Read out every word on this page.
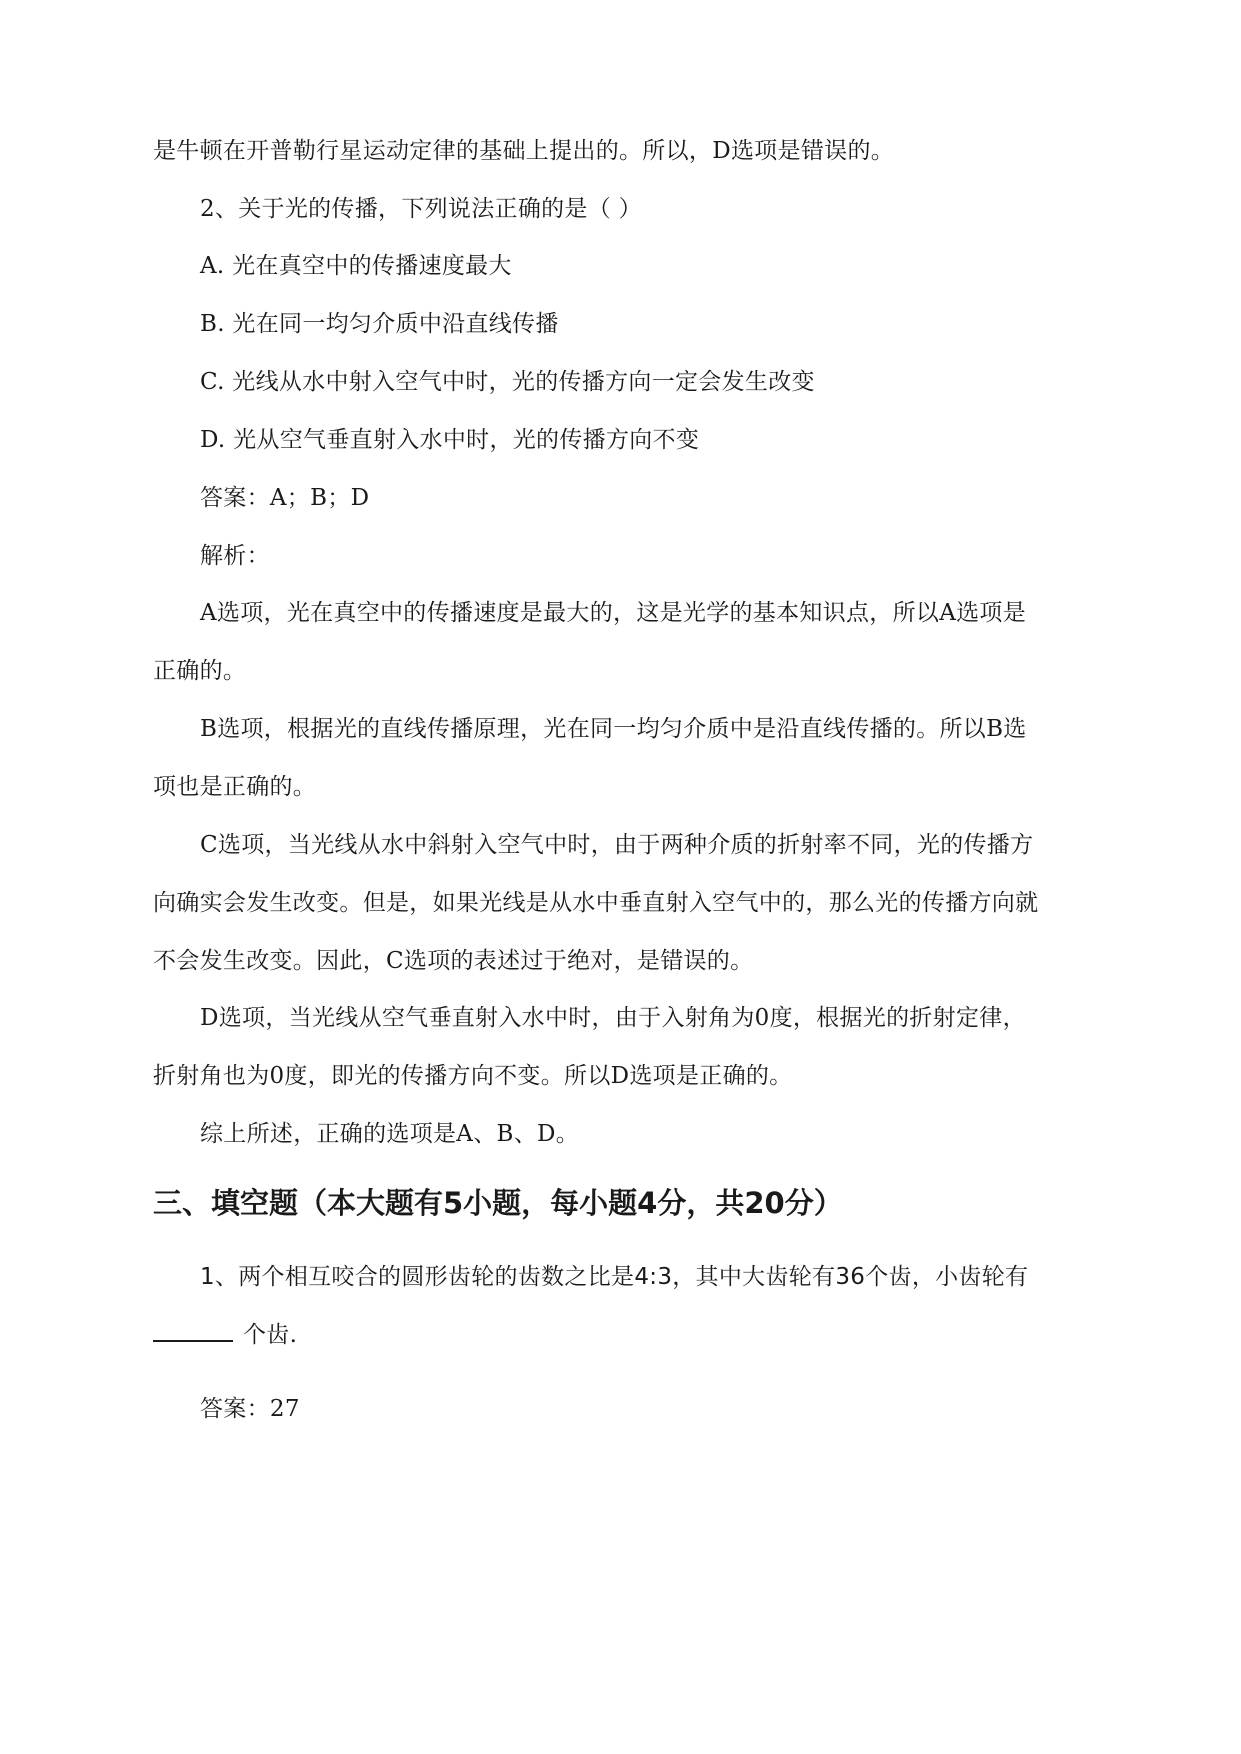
是牛顿在开普勒行星运动定律的基础上提出的。所以，D选项是错误的。
2、关于光的传播，下列说法正确的是（ ）
A. 光在真空中的传播速度最大
B. 光在同一均匀介质中沿直线传播
C. 光线从水中射入空气中时，光的传播方向一定会发生改变
D. 光从空气垂直射入水中时，光的传播方向不变
答案：A；B；D
解析：
A选项，光在真空中的传播速度是最大的，这是光学的基本知识点，所以A选项是
正确的。
B选项，根据光的直线传播原理，光在同一均匀介质中是沿直线传播的。所以B选
项也是正确的。
C选项，当光线从水中斜射入空气中时，由于两种介质的折射率不同，光的传播方
向确实会发生改变。但是，如果光线是从水中垂直射入空气中的，那么光的传播方向就
不会发生改变。因此，C选项的表述过于绝对，是错误的。
D选项，当光线从空气垂直射入水中时，由于入射角为0度，根据光的折射定律，
折射角也为0度，即光的传播方向不变。所以D选项是正确的。
综上所述，正确的选项是A、B、D。
三、填空题（本大题有5小题，每小题4分，共20分）
1、两个相互咬合的圆形齿轮的齿数之比是4:3，其中大齿轮有36个齿，小齿轮有
个齿.
答案：27
